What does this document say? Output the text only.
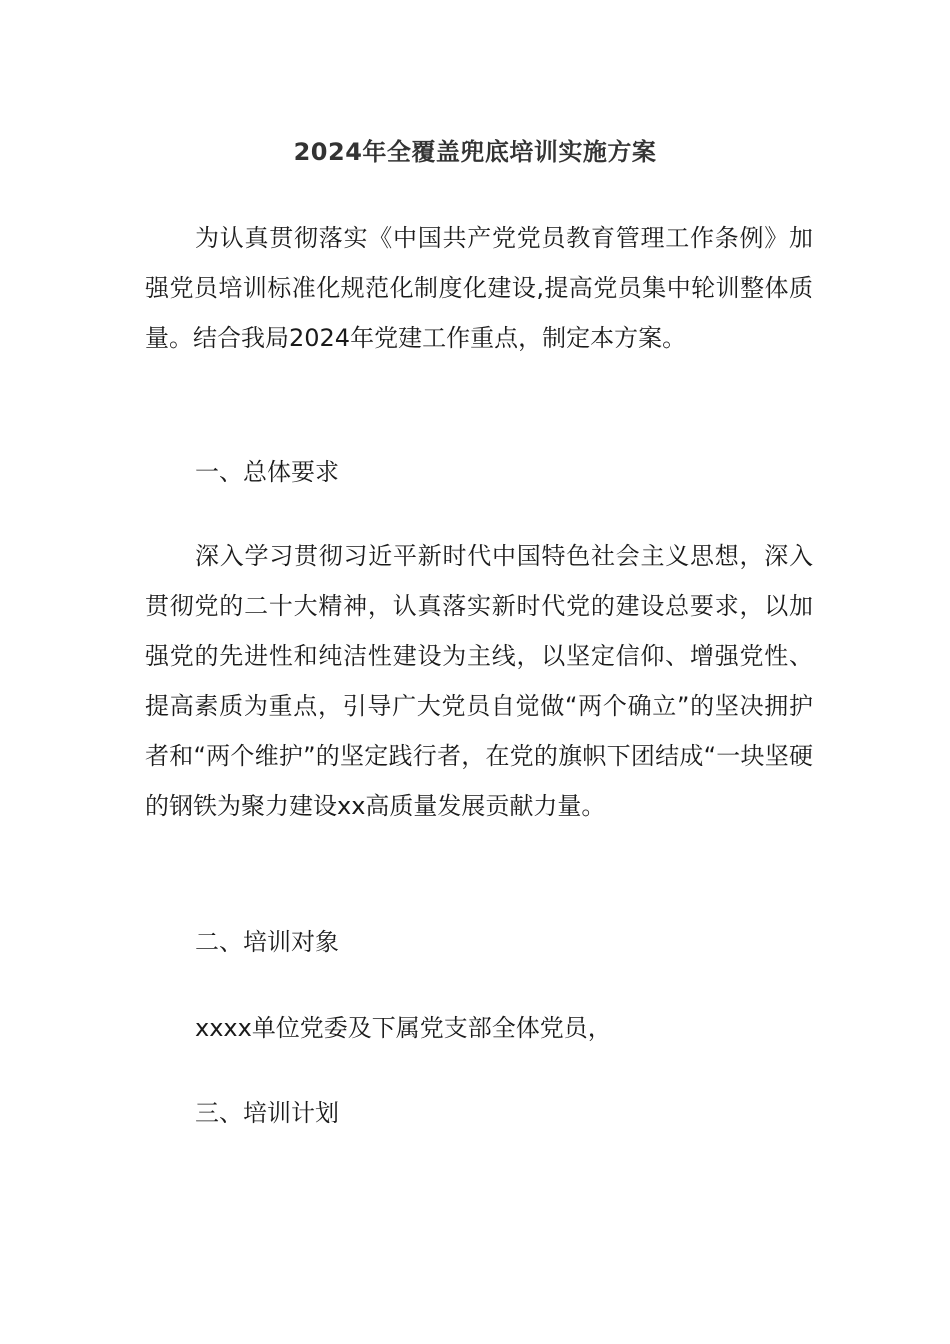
2024年全覆盖兜底培训实施方案

为认真贯彻落实《中国共产党党员教育管理工作条例》加强党员培训标准化规范化制度化建设,提高党员集中轮训整体质量。结合我局2024年党建工作重点，制定本方案。

一、总体要求

深入学习贯彻习近平新时代中国特色社会主义思想，深入贯彻党的二十大精神，认真落实新时代党的建设总要求，以加强党的先进性和纯洁性建设为主线，以坚定信仰、增强党性、提高素质为重点，引导广大党员自觉做“两个确立”的坚决拥护者和“两个维护”的坚定践行者，在党的旗帜下团结成“一块坚硬的钢铁为聚力建设xx高质量发展贡献力量。

二、培训对象

xxxx单位党委及下属党支部全体党员，

三、培训计划
